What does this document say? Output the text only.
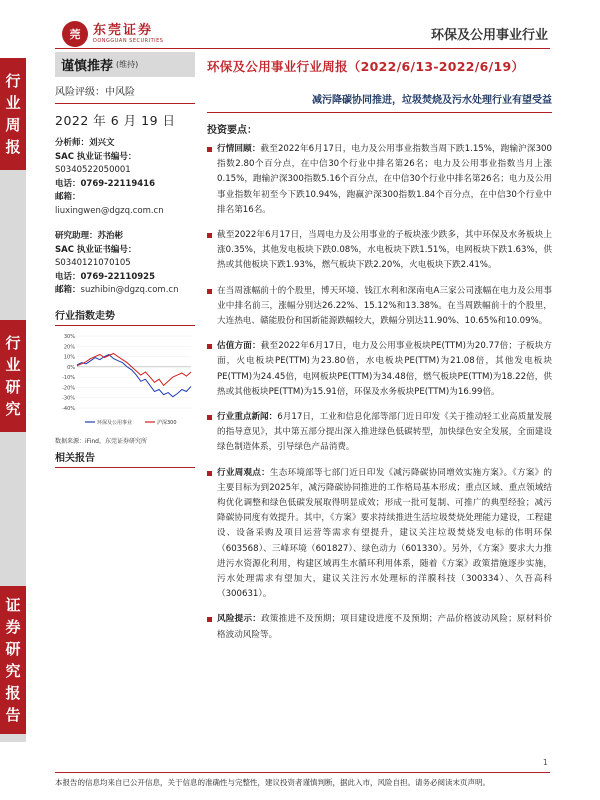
莞 东莞证券
DONGGUAN SECURITIES	环保及公用事业行业
行
业
周
报
行
业
研
究
证
券
研
究
报
告
谨慎推荐 (维持)
风险评级：中风险
2022 年 6 月 19 日
分析师：刘兴文
SAC 执业证书编号：
S0340522050001
电话：0769-22119416
邮箱：
liuxingwen@dgzq.com.cn
研究助理：苏治彬
SAC 执业证书编号：
S0340121070105
电话：0769-22110925
邮箱：suzhibin@dgzq.com.cn
行业指数走势
30%
20%
10%
0%
-10%
-20%
-30%
-40%
环保及公用事业	沪深300
数据来源：iFind，东莞证券研究所
相关报告
环保及公用事业行业周报（2022/6/13-2022/6/19）
减污降碳协同推进，垃圾焚烧及污水处理行业有望受益
投资要点：
行情回顾：截至2022年6月17日，电力及公用事业指数当周下跌1.15%，跑输沪深300指数2.80个百分点，在中信30个行业中排名第26名；电力及公用事业指数当月上涨0.15%，跑输沪深300指数5.16个百分点，在中信30个行业中排名第26名；电力及公用事业指数年初至今下跌10.94%，跑赢沪深300指数1.84个百分点，在中信30个行业中排名第16名。
截至2022年6月17日，当周电力及公用事业的子板块涨少跌多，其中环保及水务板块上涨0.35%，其他发电板块下跌0.08%，水电板块下跌1.51%，电网板块下跌1.63%，供热或其他板块下跌1.93%，燃气板块下跌2.20%，火电板块下跌2.41%。
在当周涨幅前十的个股里，博天环境、钱江水利和深南电A三家公司涨幅在电力及公用事业中排名前三，涨幅分别达26.22%、15.12%和13.38%。在当周跌幅前十的个股里，大连热电、赣能股份和国新能源跌幅较大，跌幅分别达11.90%、10.65%和10.09%。
估值方面：截至2022年6月17日，电力及公用事业板块PE(TTM)为20.77倍；子板块方面，火电板块PE(TTM)为23.80倍，水电板块PE(TTM)为21.08倍，其他发电板块PE(TTM)为24.45倍，电网板块PE(TTM)为34.48倍，燃气板块PE(TTM)为18.22倍，供热或其他板块PE(TTM)为15.91倍，环保及水务板块PE(TTM)为16.99倍。
行业重点新闻：6月17日，工业和信息化部等部门近日印发《关于推动轻工业高质量发展的指导意见》，其中第五部分提出深入推进绿色低碳转型，加快绿色安全发展，全面建设绿色制造体系，引导绿色产品消费。
行业周观点：生态环境部等七部门近日印发《减污降碳协同增效实施方案》。《方案》的主要目标为到2025年，减污降碳协同推进的工作格局基本形成；重点区域、重点领域结构优化调整和绿色低碳发展取得明显成效；形成一批可复制、可推广的典型经验；减污降碳协同度有效提升。其中，《方案》要求持续推进生活垃圾焚烧处理能力建设，工程建设、设备采购及项目运营等需求有望提升，建议关注垃圾焚烧发电标的伟明环保（603568）、三峰环境（601827）、绿色动力（601330）。另外，《方案》要求大力推进污水资源化利用，构建区域再生水循环利用体系，随着《方案》政策措施逐步实施，污水处理需求有望加大，建议关注污水处理标的洋膜科技（300334）、久吾高科（300631）。
风险提示：政策推进不及预期；项目建设进度不及预期；产品价格波动风险；原材料价格波动风险等。
1
本报告的信息均来自已公开信息，关于信息的准确性与完整性，建议投资者谨慎判断，据此入市，风险自担。请务必阅读末页声明。
